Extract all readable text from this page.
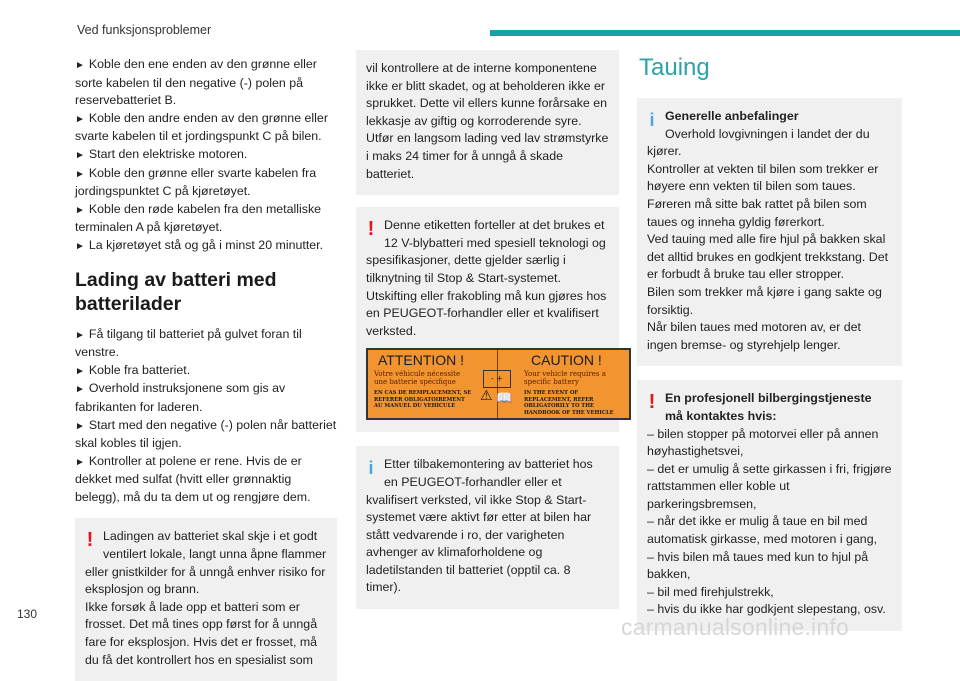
Ved funksjonsproblemer

► Koble den ene enden av den grønne eller sorte kabelen til den negative (-) polen på reservebatteriet B.

► Koble den andre enden av den grønne eller svarte kabelen til et jordingspunkt C på bilen.

► Start den elektriske motoren.

► Koble den grønne eller svarte kabelen fra jordingspunktet C på kjøretøyet.

► Koble den røde kabelen fra den metalliske terminalen A på kjøretøyet.

► La kjøretøyet stå og gå i minst 20 minutter.

Lading av batteri med batterilader

► Få tilgang til batteriet på gulvet foran til venstre.

► Koble fra batteriet.

► Overhold instruksjonene som gis av fabrikanten for laderen.

► Start med den negative (-) polen når batteriet skal kobles til igjen.

► Kontroller at polene er rene. Hvis de er dekket med sulfat (hvitt eller grønnaktig belegg), må du ta dem ut og rengjøre dem.

! Ladingen av batteriet skal skje i et godt ventilert lokale, langt unna åpne flammer eller gnistkilder for å unngå enhver risiko for eksplosjon og brann.
Ikke forsøk å lade opp et batteri som er frosset. Det må tines opp først for å unngå fare for eksplosjon. Hvis det er frosset, må du få det kontrollert hos en spesialist som
vil kontrollere at de interne komponentene ikke er blitt skadet, og at beholderen ikke er sprukket. Dette vil ellers kunne forårsake en lekkasje av giftig og korroderende syre.
Utfør en langsom lading ved lav strømstyrke i maks 24 timer for å unngå å skade batteriet.
! Denne etiketten forteller at det brukes et 12 V-blybatteri med spesiell teknologi og spesifikasjoner, dette gjelder særlig i tilknytning til Stop & Start-systemet. Utskifting eller frakobling må kun gjøres hos en PEUGEOT-forhandler eller et kvalifisert verksted.
ATTENTION !	CAUTION !
Votre véhicule nécessite une batterie spécifique
Your vehicle requires a specific battery
EN CAS DE REMPLACEMENT, SE REFERER OBLIGATOIREMENT AU MANUEL DU VEHICULE
IN THE EVENT OF REPLACEMENT, REFER OBLIGATORILY TO THE HANDBOOK OF THE VEHICLE
- +
⚠ 📖
i Etter tilbakemontering av batteriet hos en PEUGEOT-forhandler eller et kvalifisert verksted, vil ikke Stop & Start-systemet være aktivt før etter at bilen har stått vedvarende i ro, der varigheten avhenger av klimaforholdene og ladetilstanden til batteriet (opptil ca. 8 timer).
Tauing
i Generelle anbefalinger
Overhold lovgivningen i landet der du kjører.
Kontroller at vekten til bilen som trekker er høyere enn vekten til bilen som taues.
Føreren må sitte bak rattet på bilen som taues og inneha gyldig førerkort.
Ved tauing med alle fire hjul på bakken skal det alltid brukes en godkjent trekkstang. Det er forbudt å bruke tau eller stropper.
Bilen som trekker må kjøre i gang sakte og forsiktig.
Når bilen taues med motoren av, er det ingen bremse- og styrehjelp lenger.
! En profesjonell bilbergingstjeneste må kontaktes hvis:
– bilen stopper på motorvei eller på annen høyhastighetsvei,
– det er umulig å sette girkassen i fri, frigjøre rattstammen eller koble ut parkeringsbremsen,
– når det ikke er mulig å taue en bil med automatisk girkasse, med motoren i gang,
– hvis bilen må taues med kun to hjul på bakken,
– bil med firehjulstrekk,
– hvis du ikke har godkjent slepestang, osv.
130	carmanualsonline.info
